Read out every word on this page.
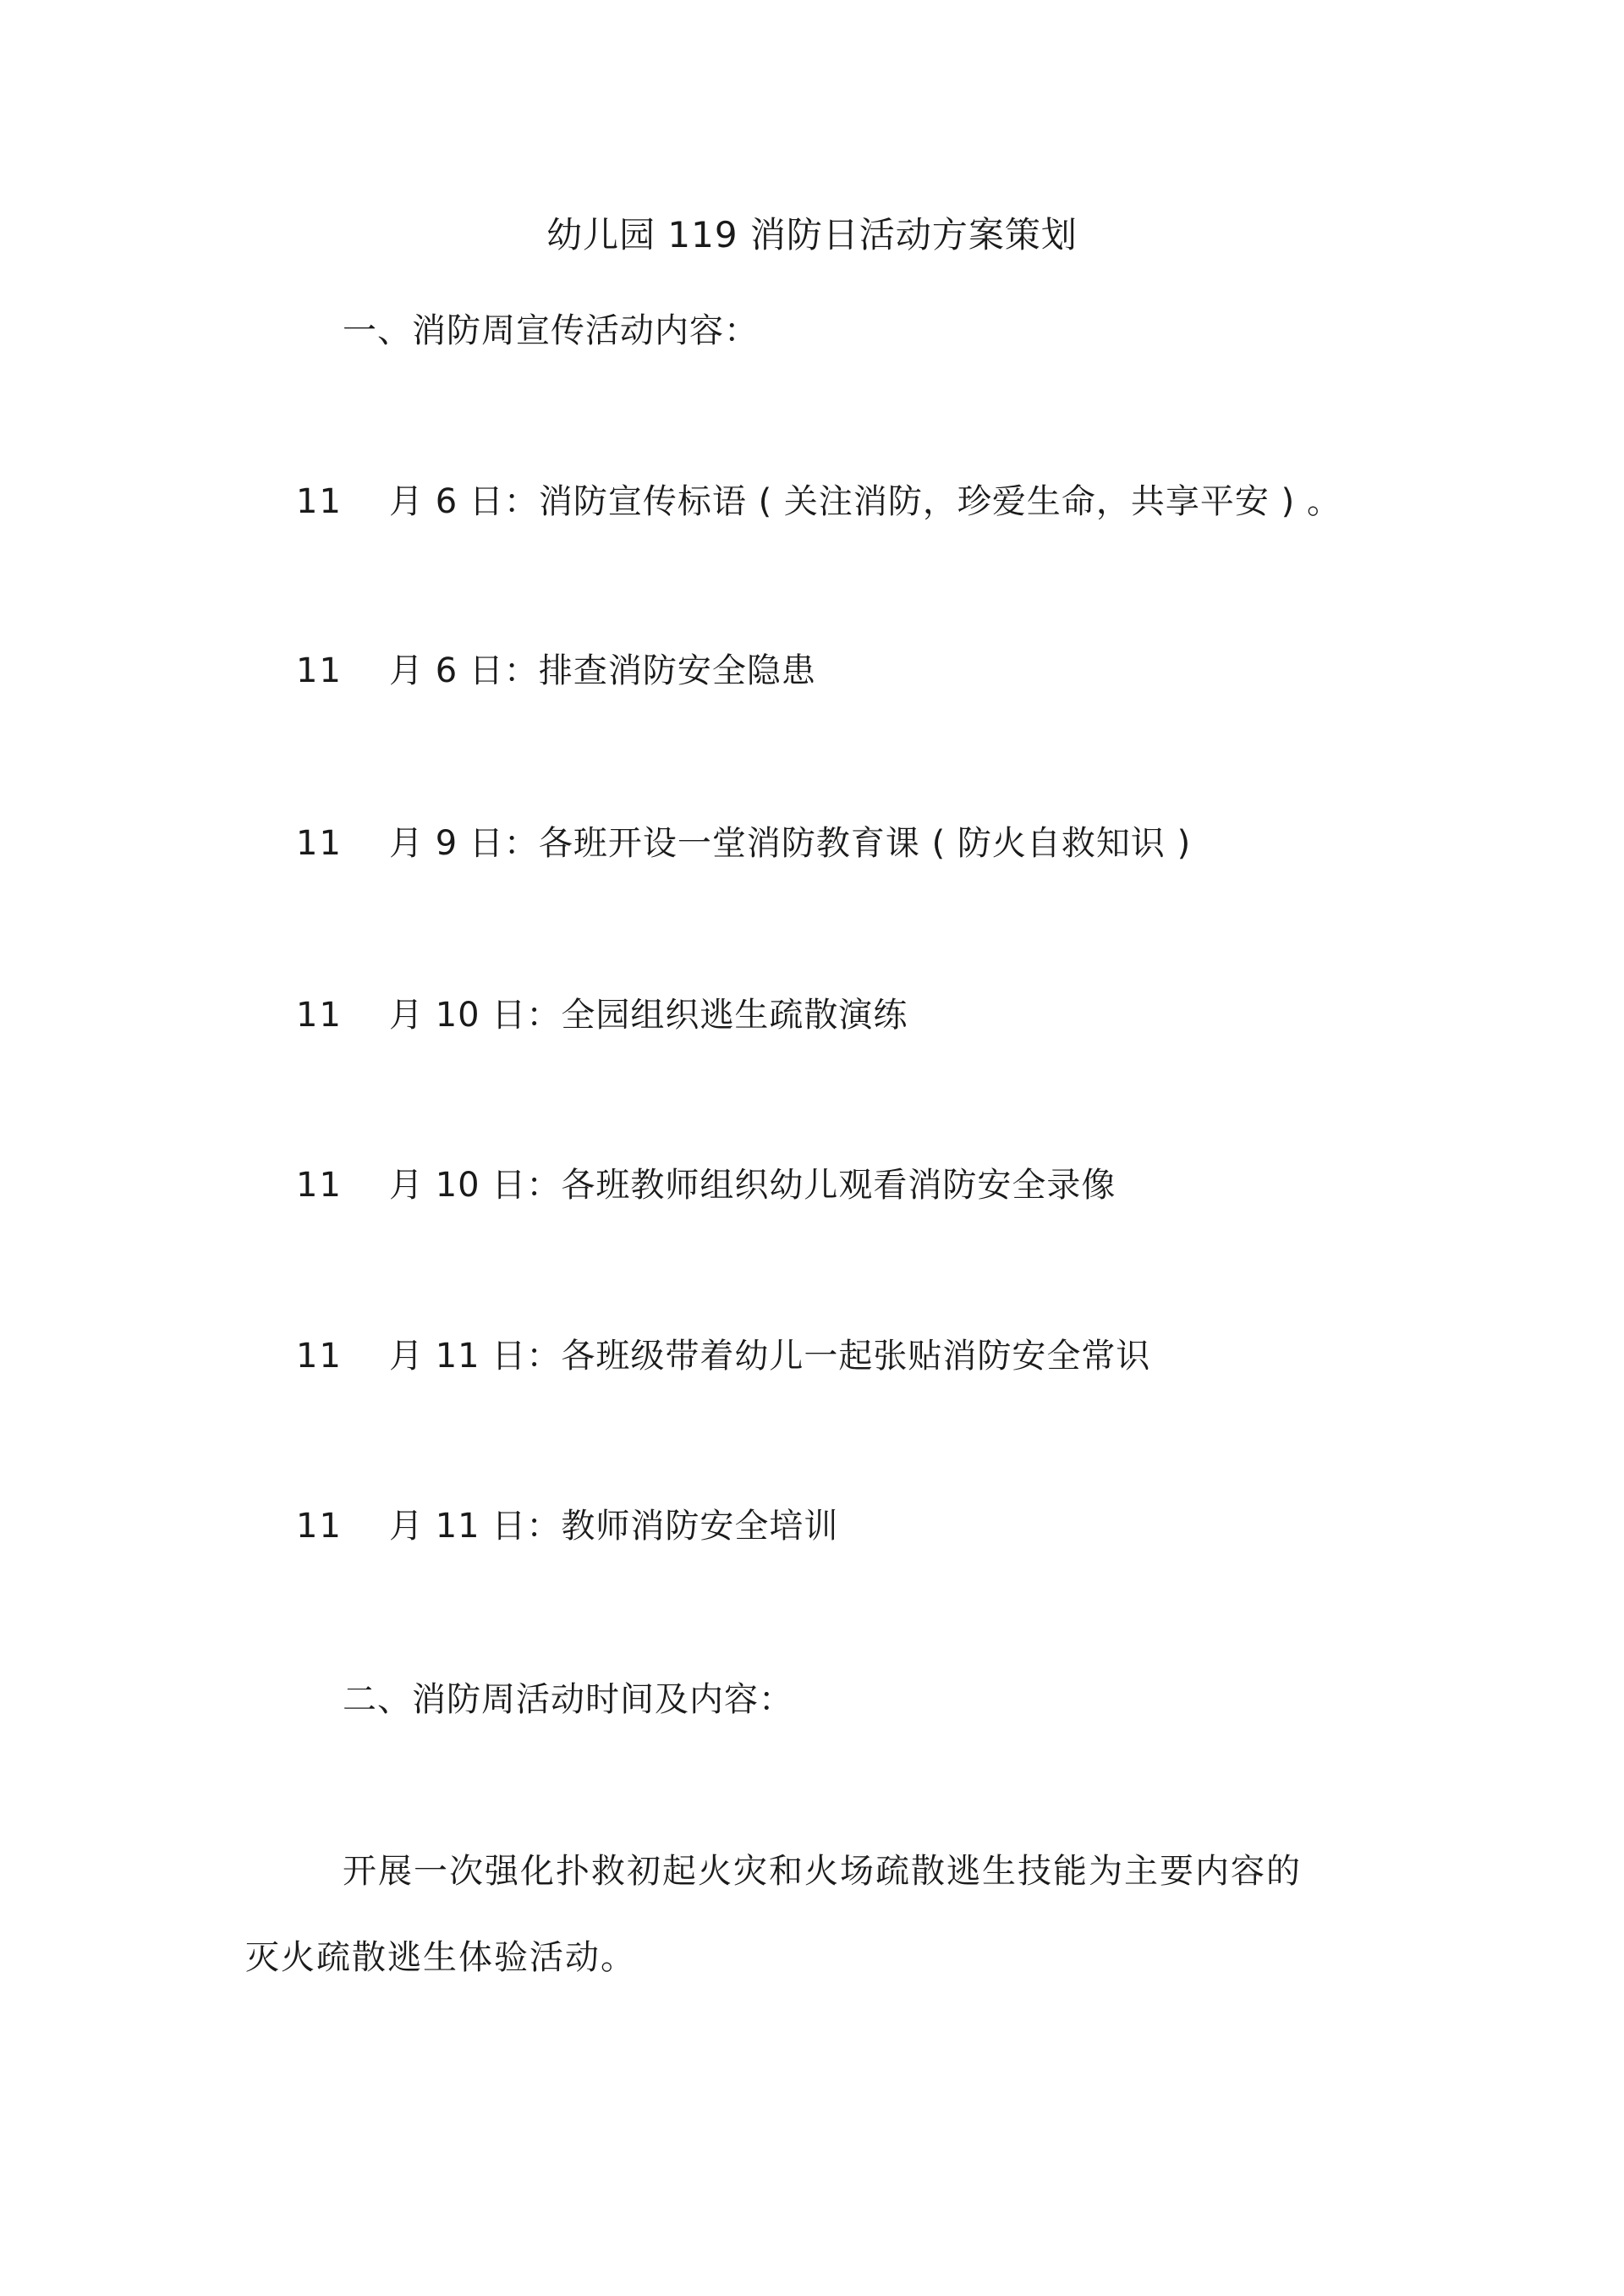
幼儿园 119 消防日活动方案策划
一、消防周宣传活动内容：
11 月 6 日：消防宣传标语 ( 关注消防，珍爱生命，共享平安 ) 。
11 月 6 日：排查消防安全隐患
11 月 9 日：各班开设一堂消防教育课 ( 防火自救知识 )
11 月 10 日：全园组织逃生疏散演练
11 月 10 日：各班教师组织幼儿观看消防安全录像
11 月 11 日：各班级带着幼儿一起张贴消防安全常识
11 月 11 日：教师消防安全培训
二、消防周活动时间及内容：
开展一次强化扑救初起火灾和火场疏散逃生技能为主要内容的
灭火疏散逃生体验活动。
